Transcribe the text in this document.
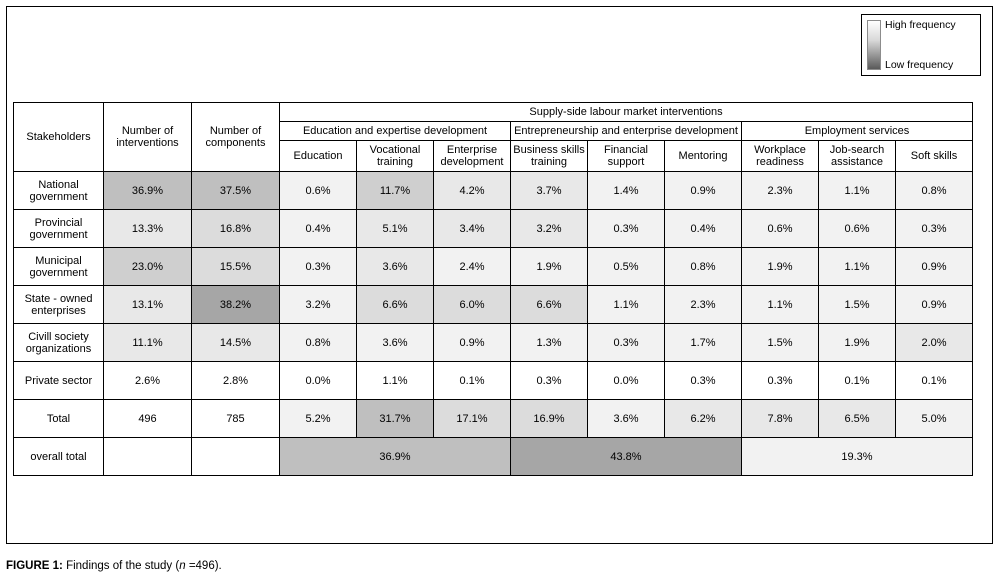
High frequency
Low frequency
Stakeholders	Number of interventions	Number of components	Supply-side labour market interventions								
			Education and expertise development			Entrepreneurship and enterprise development			Employment services		
			Education	Vocational training	Enterprise development	Business skills training	Financial support	Mentoring	Workplace readiness	Job-search assistance	Soft skills
National government	36.9%	37.5%	0.6%	11.7%	4.2%	3.7%	1.4%	0.9%	2.3%	1.1%	0.8%
Provincial government	13.3%	16.8%	0.4%	5.1%	3.4%	3.2%	0.3%	0.4%	0.6%	0.6%	0.3%
Municipal government	23.0%	15.5%	0.3%	3.6%	2.4%	1.9%	0.5%	0.8%	1.9%	1.1%	0.9%
State - owned enterprises	13.1%	38.2%	3.2%	6.6%	6.0%	6.6%	1.1%	2.3%	1.1%	1.5%	0.9%
Civill society organizations	11.1%	14.5%	0.8%	3.6%	0.9%	1.3%	0.3%	1.7%	1.5%	1.9%	2.0%
Private sector	2.6%	2.8%	0.0%	1.1%	0.1%	0.3%	0.0%	0.3%	0.3%	0.1%	0.1%
Total	496	785	5.2%	31.7%	17.1%	16.9%	3.6%	6.2%	7.8%	6.5%	5.0%
overall total			36.9%			43.8%			19.3%		
FIGURE 1: Findings of the study (n =496).
